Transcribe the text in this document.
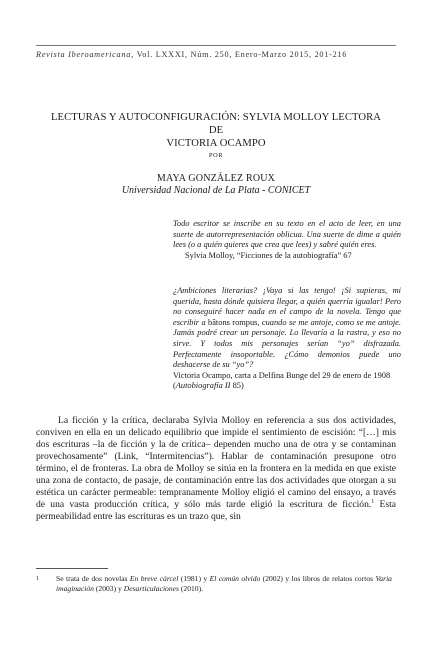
Revista Iberoamericana, Vol. LXXXI, Núm. 250, Enero-Marzo 2015, 201-216
LECTURAS Y AUTOCONFIGURACIÓN: SYLVIA MOLLOY LECTORA DE
VICTORIA OCAMPO
POR
MAYA GONZÁLEZ ROUX
Universidad Nacional de La Plata - CONICET
Todo escritor se inscribe en su texto en el acto de leer, en una suerte de autorrepresentación oblicua. Una suerte de dime a quién lees (o a quién quieres que crea que lees) y sabré quién eres.
Sylvia Molloy, “Ficciones de la autobiografía” 67
¿Ambiciones literarias? ¡Vaya si las tengo! ¡Si supieras, mi querida, hasta dónde quisiera llegar, a quién querría igualar! Pero no conseguiré hacer nada en el campo de la novela. Tengo que escribir a bâtons rompus, cuando se me antoje, como se me antoje. Jamás podré crear un personaje. Lo llevaría a la rastra, y eso no sirve. Y todos mis personajes serían “yo” disfrazada. Perfectamente insoportable. ¿Cómo demonios puede uno deshacerse de su “yo”?
Victoria Ocampo, carta a Delfina Bunge del 29 de enero de 1908 (Autobiografía II 85)

La ficción y la crítica, declaraba Sylvia Molloy en referencia a sus dos actividades, conviven en ella en un delicado equilibrio que impide el sentimiento de escisión: “[…] mis dos escrituras –la de ficción y la de crítica– dependen mucho una de otra y se contaminan provechosamente” (Link, “Intermitencias”). Hablar de contaminación presupone otro término, el de fronteras. La obra de Molloy se sitúa en la frontera en la medida en que existe una zona de contacto, de pasaje, de contaminación entre las dos actividades que otorgan a su estética un carácter permeable: tempranamente Molloy eligió el camino del ensayo, a través de una vasta producción crítica, y sólo más tarde eligió la escritura de ficción.$^1$ Esta permeabilidad entre las escrituras es un trazo que, sin

1 Se trata de dos novelas En breve cárcel (1981) y El común olvido (2002) y los libros de relatos cortos Varia imaginación (2003) y Desarticulaciones (2010).
